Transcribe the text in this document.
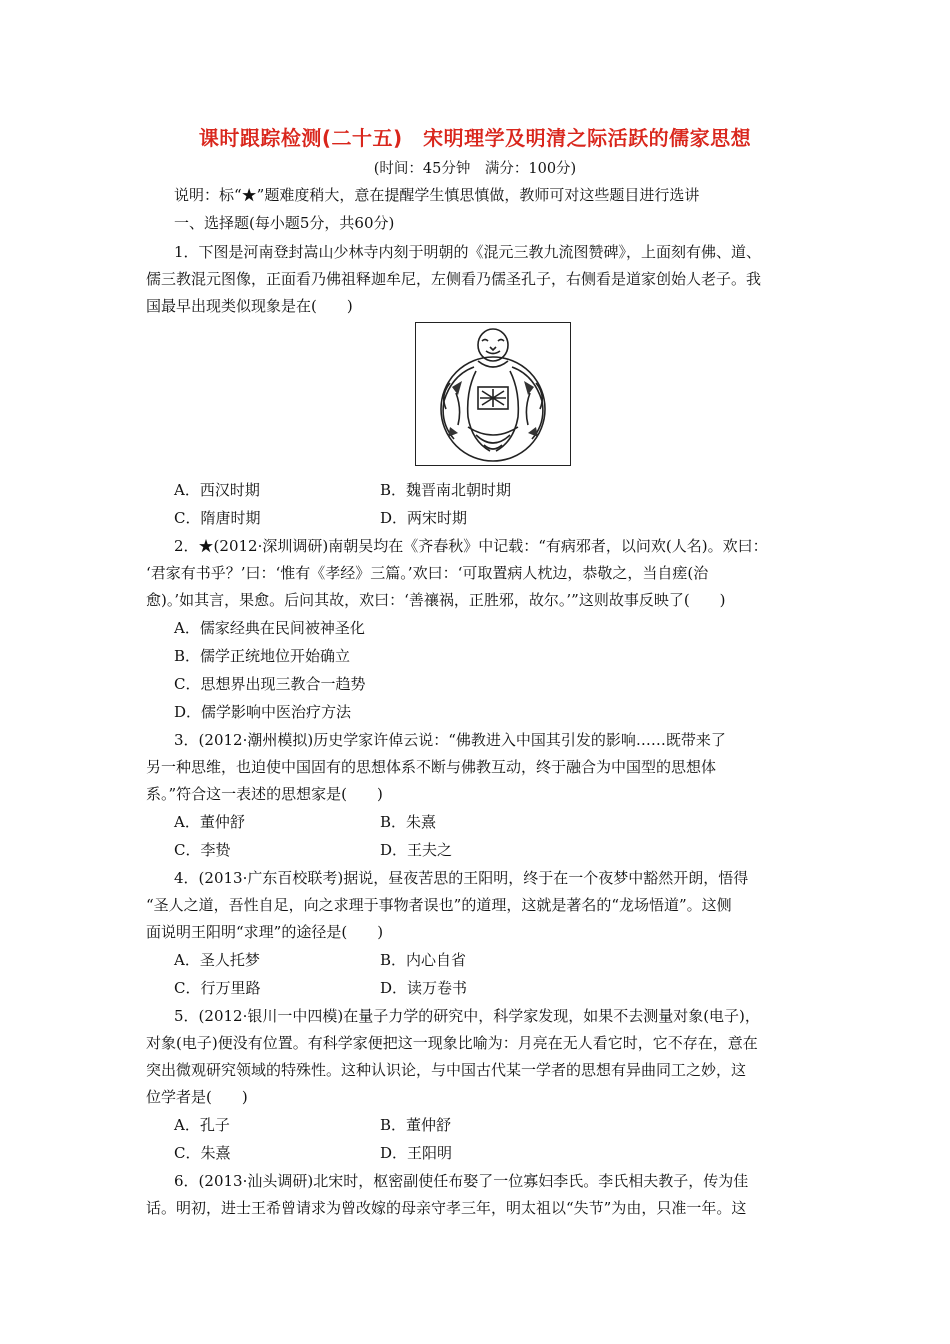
课时跟踪检测(二十五)　宋明理学及明清之际活跃的儒家思想
(时间：45分钟　满分：100分)
说明：标“★”题难度稍大，意在提醒学生慎思慎做，教师可对这些题目进行选讲
一、选择题(每小题5分，共60分)
1．下图是河南登封嵩山少林寺内刻于明朝的《混元三教九流图赞碑》，上面刻有佛、道、
儒三教混元图像，正面看乃佛祖释迦牟尼，左侧看乃儒圣孔子，右侧看是道家创始人老子。我
国最早出现类似现象是在(　　)
A．西汉时期	B．魏晋南北朝时期
C．隋唐时期	D．两宋时期
2．★(2012·深圳调研)南朝吴均在《齐春秋》中记载：“有病邪者，以问欢(人名)。欢曰：
‘君家有书乎？’曰：‘惟有《孝经》三篇。’欢曰：‘可取置病人枕边，恭敬之，当自瘥(治
愈)。’如其言，果愈。后问其故，欢曰：‘善禳祸，正胜邪，故尔。’”这则故事反映了(　　)
A．儒家经典在民间被神圣化
B．儒学正统地位开始确立
C．思想界出现三教合一趋势
D．儒学影响中医治疗方法
3．(2012·潮州模拟)历史学家许倬云说：“佛教进入中国其引发的影响……既带来了
另一种思维，也迫使中国固有的思想体系不断与佛教互动，终于融合为中国型的思想体
系。”符合这一表述的思想家是(　　)
A．董仲舒	B．朱熹
C．李贽	D．王夫之
4．(2013·广东百校联考)据说，昼夜苦思的王阳明，终于在一个夜梦中豁然开朗，悟得
“圣人之道，吾性自足，向之求理于事物者误也”的道理，这就是著名的“龙场悟道”。这侧
面说明王阳明“求理”的途径是(　　)
A．圣人托梦	B．内心自省
C．行万里路	D．读万卷书
5．(2012·银川一中四模)在量子力学的研究中，科学家发现，如果不去测量对象(电子)，
对象(电子)便没有位置。有科学家便把这一现象比喻为：月亮在无人看它时，它不存在，意在
突出微观研究领域的特殊性。这种认识论，与中国古代某一学者的思想有异曲同工之妙，这
位学者是(　　)
A．孔子	B．董仲舒
C．朱熹	D．王阳明
6．(2013·汕头调研)北宋时，枢密副使任布娶了一位寡妇李氏。李氏相夫教子，传为佳
话。明初，进士王希曾请求为曾改嫁的母亲守孝三年，明太祖以“失节”为由，只准一年。这
